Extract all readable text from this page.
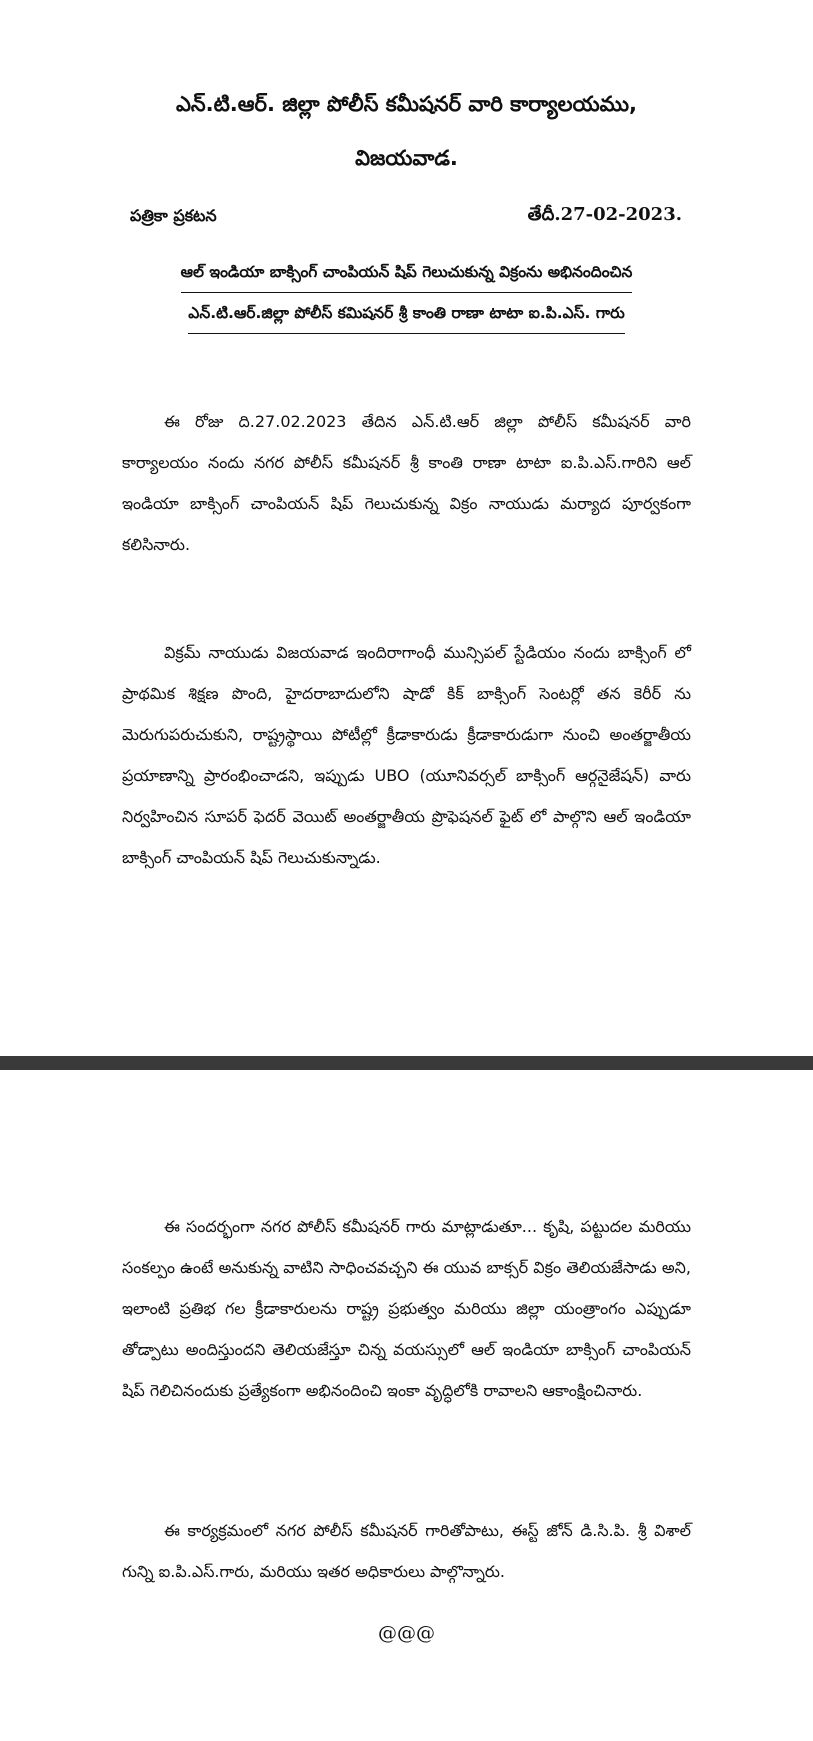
ఎన్.టి.ఆర్. జిల్లా పోలీస్ కమీషనర్ వారి కార్యాలయము,
విజయవాడ.
పత్రికా ప్రకటన	తేదీ.27-02-2023.
ఆల్ ఇండియా బాక్సింగ్ చాంపియన్ షిప్ గెలుచుకున్న విక్రంను అభినందించిన
ఎన్.టి.ఆర్.జిల్లా పోలీస్ కమిషనర్ శ్రీ కాంతి రాణా టాటా ఐ.పి.ఎస్. గారు

ఈ రోజు ది.27.02.2023 తేదిన ఎన్.టి.ఆర్ జిల్లా పోలీస్ కమీషనర్ వారి కార్యాలయం నందు నగర పోలీస్ కమీషనర్ శ్రీ కాంతి రాణా టాటా ఐ.పి.ఎస్.గారిని ఆల్ ఇండియా బాక్సింగ్ చాంపియన్ షిప్ గెలుచుకున్న విక్రం నాయుడు మర్యాద పూర్వకంగా కలిసినారు.

విక్రమ్ నాయుడు విజయవాడ ఇందిరాగాంధీ మున్సిపల్ స్టేడియం నందు బాక్సింగ్ లో ప్రాథమిక శిక్షణ పొంది, హైదరాబాదులోని షాడో కిక్ బాక్సింగ్ సెంటర్లో తన కెరీర్ ను మెరుగుపరుచుకుని, రాష్ట్రస్థాయి పోటీల్లో క్రీడాకారుడు క్రీడాకారుడుగా నుంచి అంతర్జాతీయ ప్రయాణాన్ని ప్రారంభించాడని, ఇప్పుడు UBO (యూనివర్సల్ బాక్సింగ్ ఆర్గనైజేషన్) వారు నిర్వహించిన సూపర్ ఫెదర్ వెయిట్ అంతర్జాతీయ ప్రొఫెషనల్ ఫైట్ లో పాల్గొని ఆల్ ఇండియా బాక్సింగ్ చాంపియన్ షిప్ గెలుచుకున్నాడు.

ఈ సందర్భంగా నగర పోలీస్ కమీషనర్ గారు మాట్లాడుతూ... కృషి, పట్టుదల మరియు సంకల్పం ఉంటే అనుకున్న వాటిని సాధించవచ్చని ఈ యువ బాక్సర్ విక్రం తెలియజేసాడు అని, ఇలాంటి ప్రతిభ గల క్రీడాకారులను రాష్ట్ర ప్రభుత్వం మరియు జిల్లా యంత్రాంగం ఎప్పుడూ తోడ్పాటు అందిస్తుందని తెలియజేస్తూ చిన్న వయస్సులో ఆల్ ఇండియా బాక్సింగ్ చాంపియన్ షిప్ గెలిచినందుకు ప్రత్యేకంగా అభినందించి ఇంకా వృద్ధిలోకి రావాలని ఆకాంక్షించినారు.

ఈ కార్యక్రమంలో నగర పోలీస్ కమీషనర్ గారితోపాటు, ఈస్ట్ జోన్ డి.సి.పి. శ్రీ విశాల్ గున్ని ఐ.పి.ఎస్.గారు, మరియు ఇతర అధికారులు పాల్గొన్నారు.

@@@
